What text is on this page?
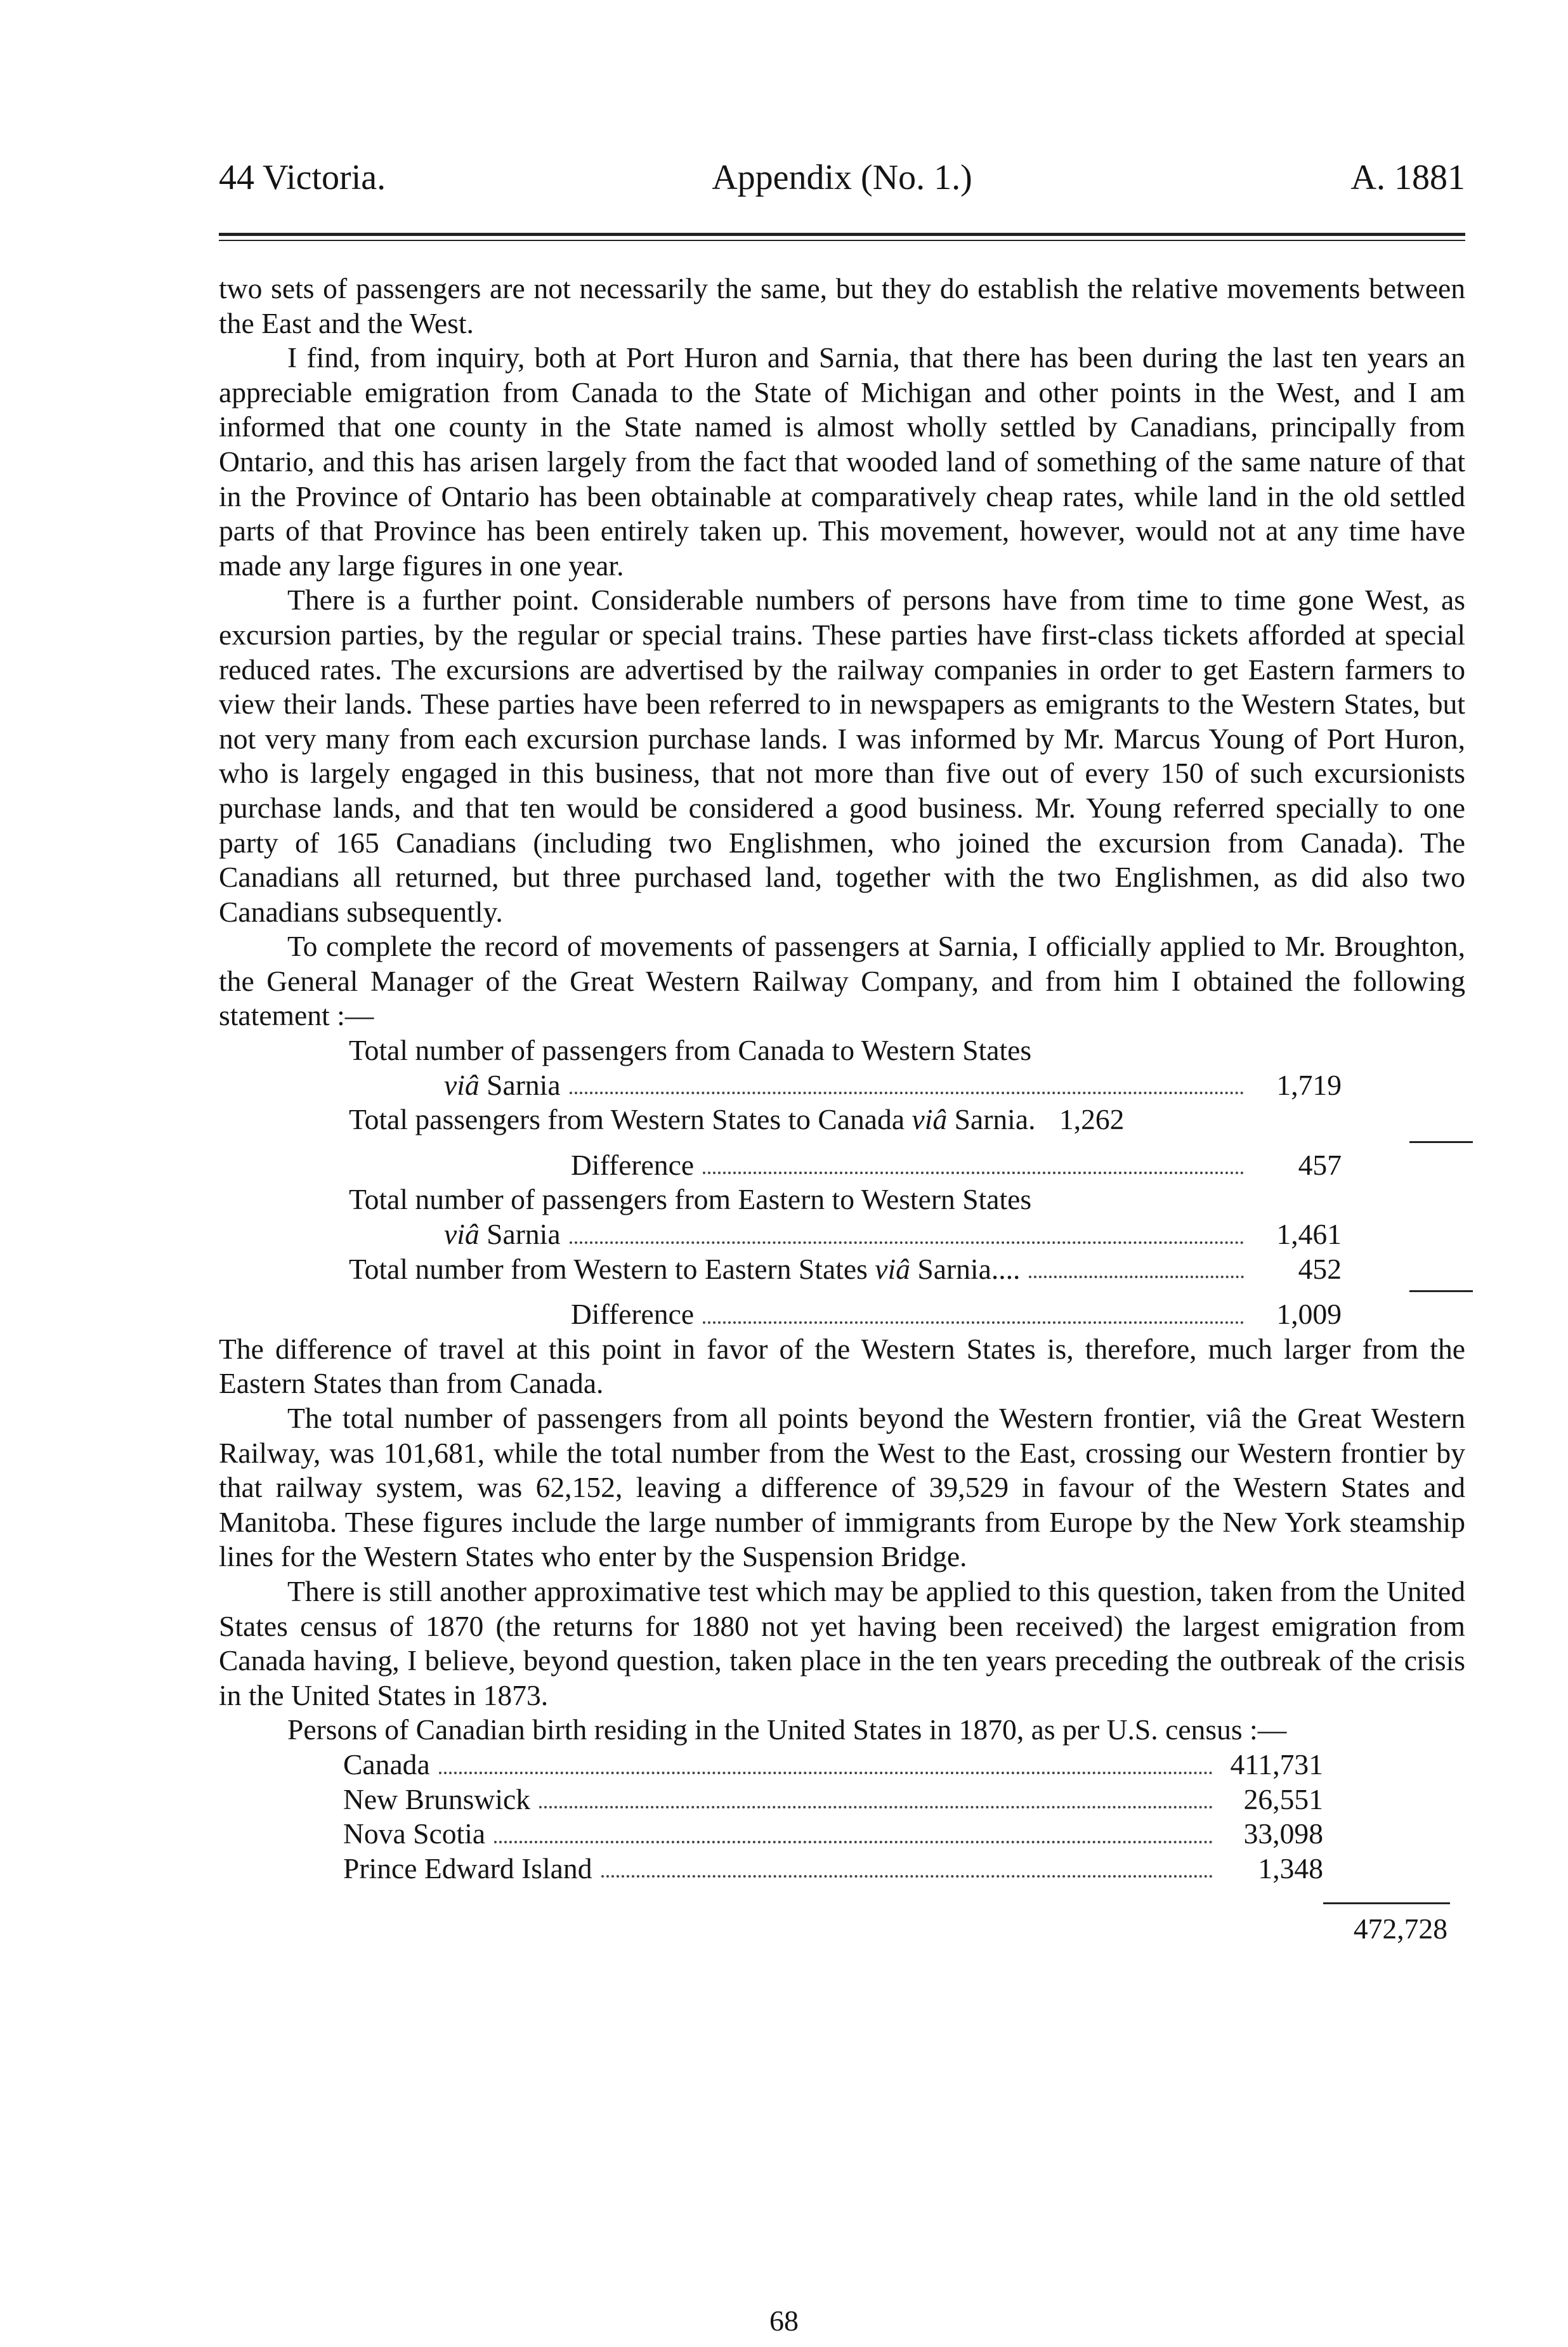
44 Victoria.	Appendix (No. 1.)	A. 1881

two sets of passengers are not necessarily the same, but they do establish the relative movements between the East and the West.

I find, from inquiry, both at Port Huron and Sarnia, that there has been during the last ten years an appreciable emigration from Canada to the State of Michigan and other points in the West, and I am informed that one county in the State named is almost wholly settled by Canadians, principally from Ontario, and this has arisen largely from the fact that wooded land of something of the same nature of that in the Province of Ontario has been obtainable at comparatively cheap rates, while land in the old settled parts of that Province has been entirely taken up. This movement, however, would not at any time have made any large figures in one year.

There is a further point. Considerable numbers of persons have from time to time gone West, as excursion parties, by the regular or special trains. These parties have first-class tickets afforded at special reduced rates. The excursions are advertised by the railway companies in order to get Eastern farmers to view their lands. These parties have been referred to in newspapers as emigrants to the Western States, but not very many from each excursion purchase lands. I was informed by Mr. Marcus Young of Port Huron, who is largely engaged in this business, that not more than five out of every 150 of such excursionists purchase lands, and that ten would be considered a good business. Mr. Young referred specially to one party of 165 Canadians (including two Englishmen, who joined the excursion from Canada). The Canadians all returned, but three purchased land, together with the two Englishmen, as did also two Canadians subsequently.

To complete the record of movements of passengers at Sarnia, I officially applied to Mr. Broughton, the General Manager of the Great Western Railway Company, and from him I obtained the following statement :—

Total number of passengers from Canada to Western States
viâ Sarnia	1,719
Total passengers from Western States to Canada viâ Sarnia. 1,262
Difference	457
Total number of passengers from Eastern to Western States
viâ Sarnia	1,461
Total number from Western to Eastern States viâ Sarnia....	452
Difference	1,009

The difference of travel at this point in favor of the Western States is, therefore, much larger from the Eastern States than from Canada.

The total number of passengers from all points beyond the Western frontier, viâ the Great Western Railway, was 101,681, while the total number from the West to the East, crossing our Western frontier by that railway system, was 62,152, leaving a difference of 39,529 in favour of the Western States and Manitoba. These figures include the large number of immigrants from Europe by the New York steamship lines for the Western States who enter by the Suspension Bridge.

There is still another approximative test which may be applied to this question, taken from the United States census of 1870 (the returns for 1880 not yet having been received) the largest emigration from Canada having, I believe, beyond question, taken place in the ten years preceding the outbreak of the crisis in the United States in 1873.

Persons of Canadian birth residing in the United States in 1870, as per U.S. census :—

Canada	411,731
New Brunswick	26,551
Nova Scotia	33,098
Prince Edward Island	1,348
472,728
68
